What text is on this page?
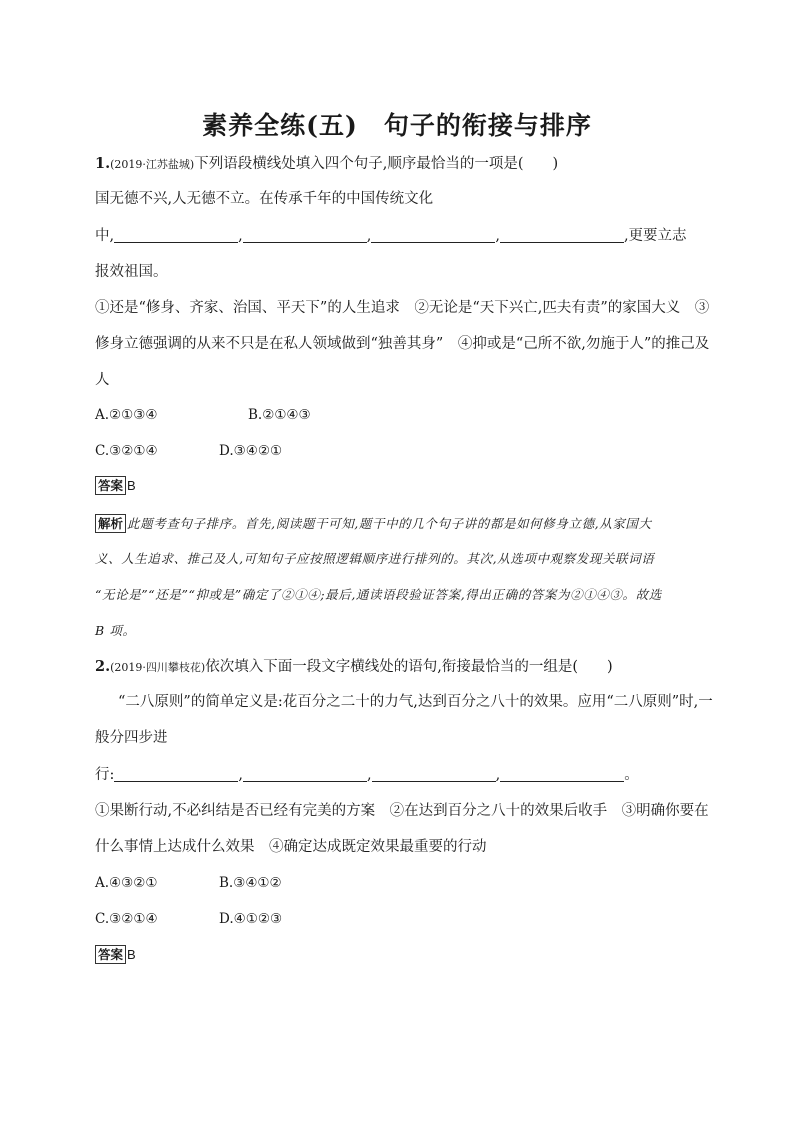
素养全练(五)　句子的衔接与排序
1.(2019·江苏盐城)下列语段横线处填入四个句子,顺序最恰当的一项是(　　)
国无德不兴,人无德不立。在传承千年的中国传统文化
中,	,	,	,	,更要立志
报效祖国。
①还是“修身、齐家、治国、平天下”的人生追求　②无论是“天下兴亡,匹夫有责”的家国大义　③
修身立德强调的从来不只是在私人领域做到“独善其身”　④抑或是“己所不欲,勿施于人”的推己及
人
A.②①③④	B.②①④③
C.③②①④	D.③④②①
答案 B
解析 此题考查句子排序。首先,阅读题干可知,题干中的几个句子讲的都是如何修身立德,从家国大
义、人生追求、推己及人,可知句子应按照逻辑顺序进行排列的。其次,从选项中观察发现关联词语
“无论是”“还是”“抑或是”确定了②①④;最后,通读语段验证答案,得出正确的答案为②①④③。故选
B 项。
2.(2019·四川攀枝花)依次填入下面一段文字横线处的语句,衔接最恰当的一组是(　　)
“二八原则”的简单定义是:花百分之二十的力气,达到百分之八十的效果。应用“二八原则”时,一
般分四步进
行:	,	,	,	。
①果断行动,不必纠结是否已经有完美的方案　②在达到百分之八十的效果后收手　③明确你要在
什么事情上达成什么效果　④确定达成既定效果最重要的行动
A.④③②①	B.③④①②
C.③②①④	D.④①②③
答案 B
